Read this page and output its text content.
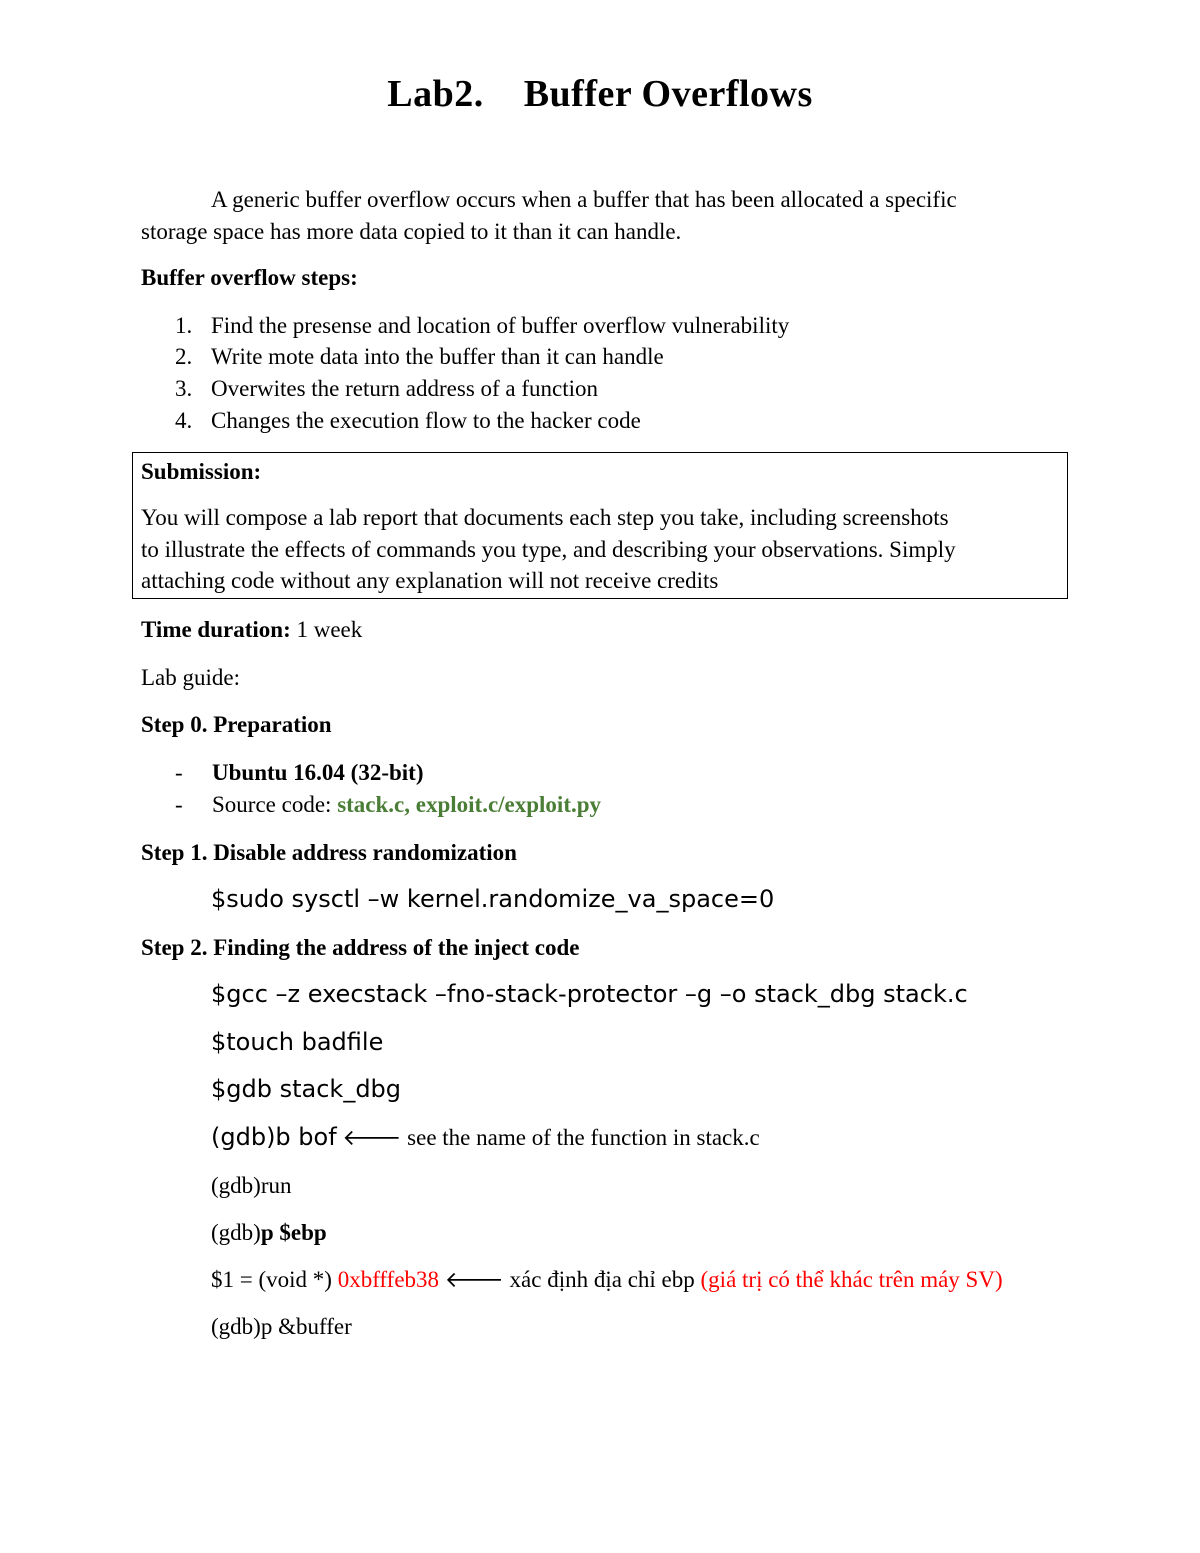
Lab2. Buffer Overflows
A generic buffer overflow occurs when a buffer that has been allocated a specific
storage space has more data copied to it than it can handle.
Buffer overflow steps:
1. Find the presense and location of buffer overflow vulnerability
2. Write mote data into the buffer than it can handle
3. Overwites the return address of a function
4. Changes the execution flow to the hacker code
Submission:
You will compose a lab report that documents each step you take, including screenshots
to illustrate the effects of commands you type, and describing your observations. Simply
attaching code without any explanation will not receive credits
Time duration: 1 week
Lab guide:
Step 0. Preparation
- Ubuntu 16.04 (32-bit)
- Source code: stack.c, exploit.c/exploit.py
Step 1. Disable address randomization
$sudo sysctl –w kernel.randomize_va_space=0
Step 2. Finding the address of the inject code
$gcc –z execstack –fno-stack-protector –g –o stack_dbg stack.c
$touch badfile
$gdb stack_dbg
(gdb)b bof 🡐 see the name of the function in stack.c
(gdb)run
(gdb)p $ebp
$1 = (void *) 0xbfffeb38 🡐 xác định địa chỉ ebp (giá trị có thể khác trên máy SV)
(gdb)p &buffer
